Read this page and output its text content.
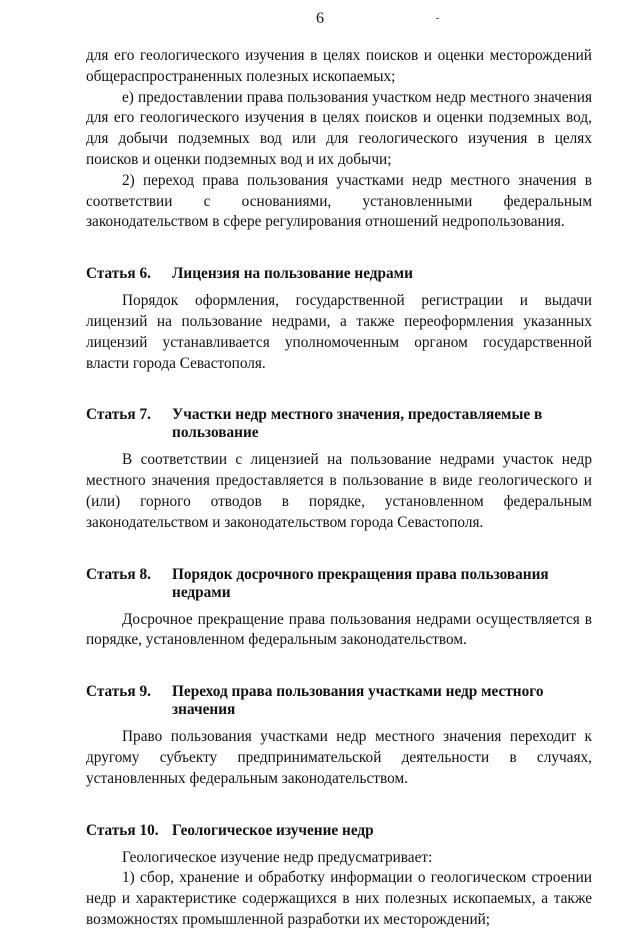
6

для его геологического изучения в целях поисков и оценки месторождений общераспространенных полезных ископаемых;

е) предоставлении права пользования участком недр местного значения для его геологического изучения в целях поисков и оценки подземных вод, для добычи подземных вод или для геологического изучения в целях поисков и оценки подземных вод и их добычи;

2) переход права пользования участками недр местного значения в соответствии с основаниями, установленными федеральным законодательством в сфере регулирования отношений недропользования.

Статья 6.	Лицензия на пользование недрами

Порядок оформления, государственной регистрации и выдачи лицензий на пользование недрами, а также переоформления указанных лицензий устанавливается уполномоченным органом государственной власти города Севастополя.

Статья 7.	Участки недр местного значения, предоставляемые в пользование

В соответствии с лицензией на пользование недрами участок недр местного значения предоставляется в пользование в виде геологического и (или) горного отводов в порядке, установленном федеральным законодательством и законодательством города Севастополя.

Статья 8.	Порядок досрочного прекращения права пользования недрами

Досрочное прекращение права пользования недрами осуществляется в порядке, установленном федеральным законодательством.

Статья 9.	Переход права пользования участками недр местного значения

Право пользования участками недр местного значения переходит к другому субъекту предпринимательской деятельности в случаях, установленных федеральным законодательством.

Статья 10. Геологическое изучение недр

Геологическое изучение недр предусматривает:

1) сбор, хранение и обработку информации о геологическом строении недр и характеристике содержащихся в них полезных ископаемых, а также возможностях промышленной разработки их месторождений;
